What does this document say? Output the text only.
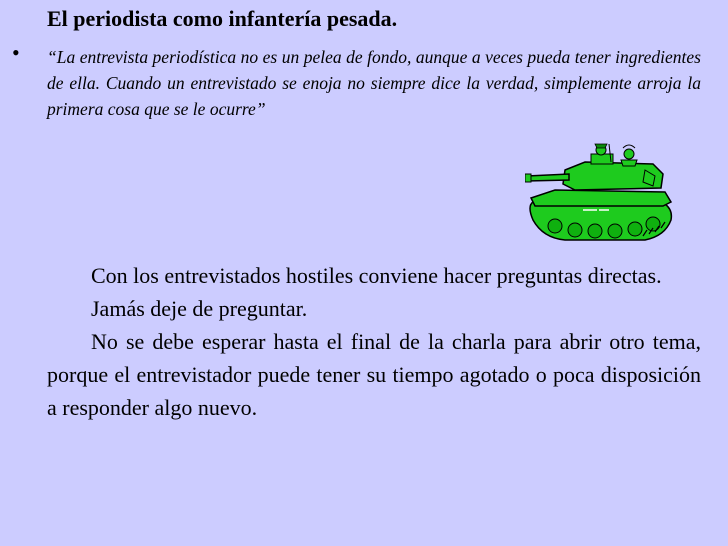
El periodista como infantería pesada.
• “La entrevista periodística no es un pelea de fondo, aunque a veces pueda tener ingredientes de ella. Cuando un entrevistado se enoja no siempre dice la verdad, simplemente arroja la primera cosa que se le ocurre”

Con los entrevistados hostiles conviene hacer preguntas directas.

Jamás deje de preguntar.

No se debe esperar hasta el final de la charla para abrir otro tema, porque el entrevistador puede tener su tiempo agotado o poca disposición a responder algo nuevo.
